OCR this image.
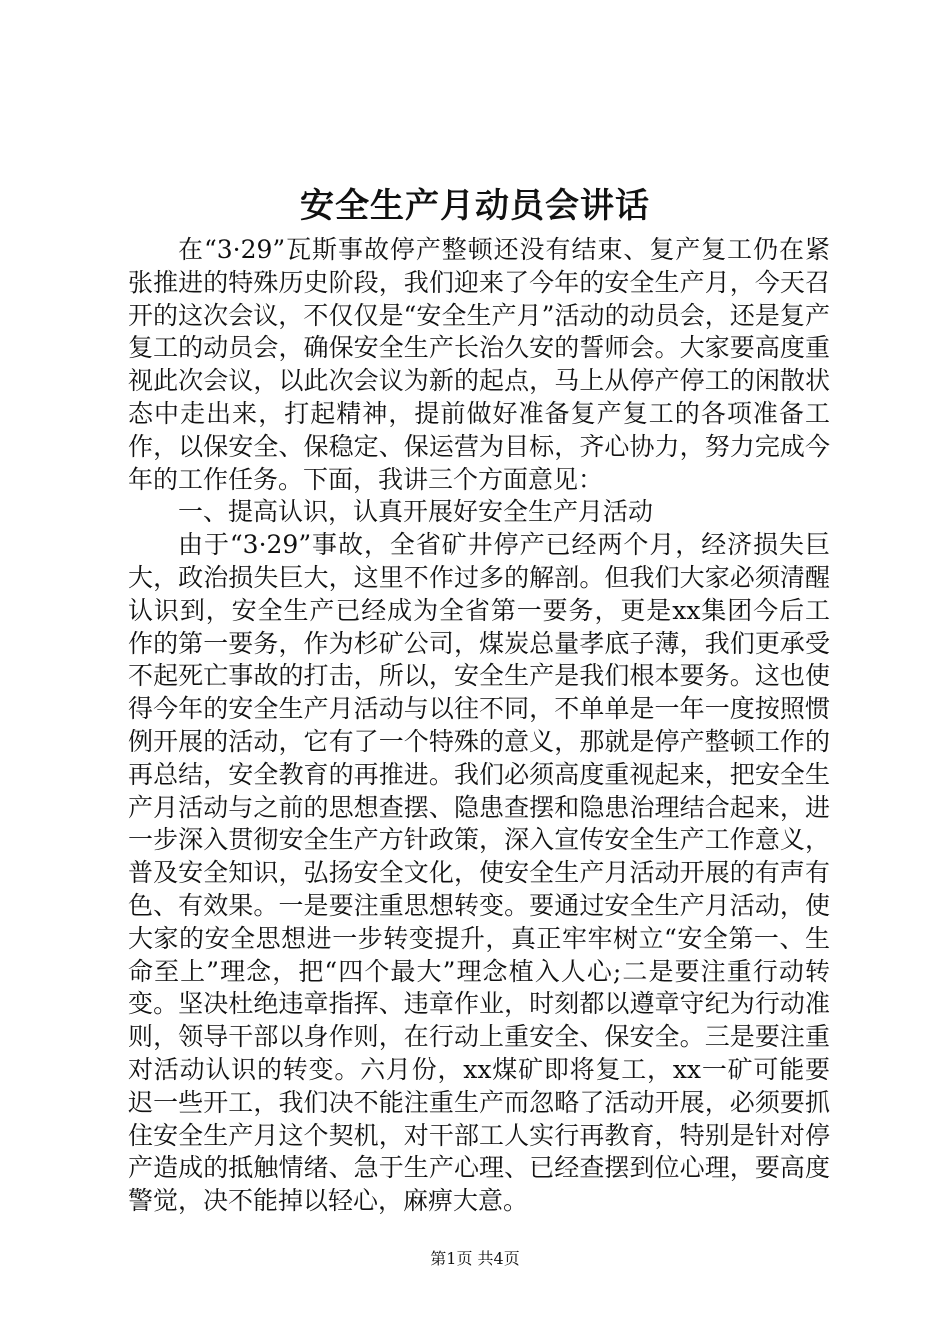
安全生产月动员会讲话

在“3·29”瓦斯事故停产整顿还没有结束、复产复工仍在紧张推进的特殊历史阶段，我们迎来了今年的安全生产月，今天召开的这次会议，不仅仅是“安全生产月”活动的动员会，还是复产复工的动员会，确保安全生产长治久安的誓师会。大家要高度重视此次会议，以此次会议为新的起点，马上从停产停工的闲散状态中走出来，打起精神，提前做好准备复产复工的各项准备工作，以保安全、保稳定、保运营为目标，齐心协力，努力完成今年的工作任务。下面，我讲三个方面意见：

一、提高认识，认真开展好安全生产月活动

由于“3·29”事故，全省矿井停产已经两个月，经济损失巨大，政治损失巨大，这里不作过多的解剖。但我们大家必须清醒认识到，安全生产已经成为全省第一要务，更是xx集团今后工作的第一要务，作为杉矿公司，煤炭总量孝底子薄，我们更承受不起死亡事故的打击，所以，安全生产是我们根本要务。这也使得今年的安全生产月活动与以往不同，不单单是一年一度按照惯例开展的活动，它有了一个特殊的意义，那就是停产整顿工作的再总结，安全教育的再推进。我们必须高度重视起来，把安全生产月活动与之前的思想查摆、隐患查摆和隐患治理结合起来，进一步深入贯彻安全生产方针政策，深入宣传安全生产工作意义，普及安全知识，弘扬安全文化，使安全生产月活动开展的有声有色、有效果。一是要注重思想转变。要通过安全生产月活动，使大家的安全思想进一步转变提升，真正牢牢树立“安全第一、生命至上”理念，把“四个最大”理念植入人心;二是要注重行动转变。坚决杜绝违章指挥、违章作业，时刻都以遵章守纪为行动准则，领导干部以身作则，在行动上重安全、保安全。三是要注重对活动认识的转变。六月份，xx煤矿即将复工，xx一矿可能要迟一些开工，我们决不能注重生产而忽略了活动开展，必须要抓住安全生产月这个契机，对干部工人实行再教育，特别是针对停产造成的抵触情绪、急于生产心理、已经查摆到位心理，要高度警觉，决不能掉以轻心，麻痹大意。

第1页 共4页
